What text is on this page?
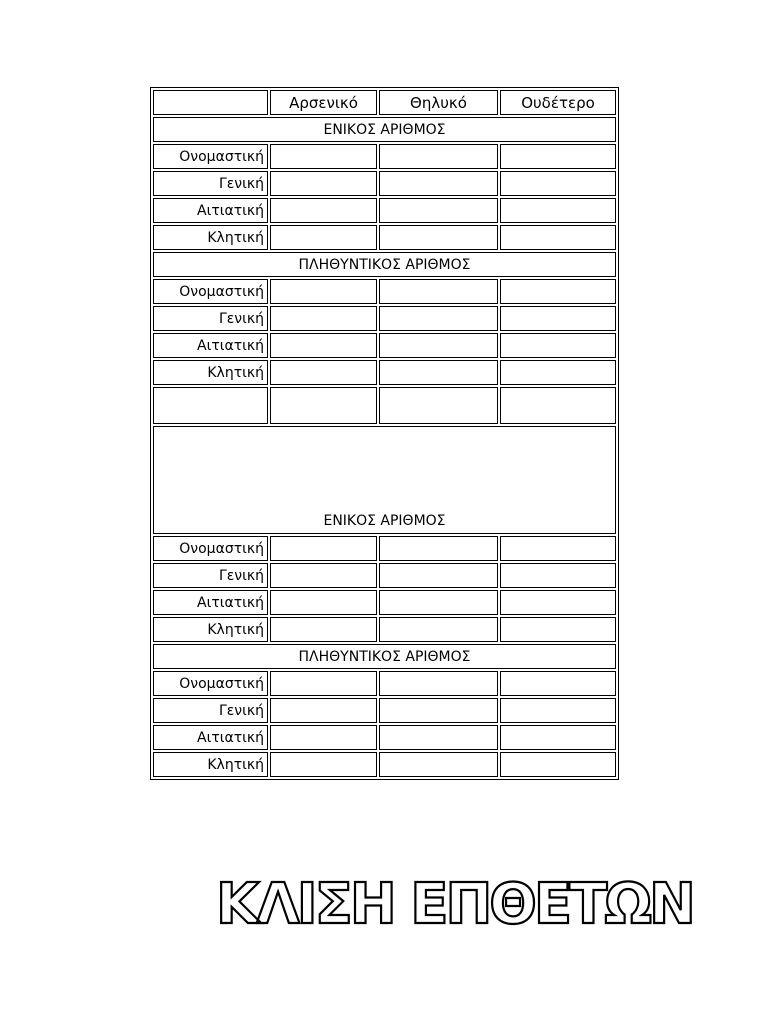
	Αρσενικό	Θηλυκό	Ουδέτερο
ΕΝΙΚΟΣ ΑΡΙΘΜΟΣ			
Ονομαστική			
Γενική			
Αιτιατική			
Κλητική			
ΠΛΗΘΥΝΤΙΚΟΣ ΑΡΙΘΜΟΣ			
Ονομαστική			
Γενική			
Αιτιατική			
Κλητική			

ΕΝΙΚΟΣ ΑΡΙΘΜΟΣ			
Ονομαστική			
Γενική			
Αιτιατική			
Κλητική			
ΠΛΗΘΥΝΤΙΚΟΣ ΑΡΙΘΜΟΣ			
Ονομαστική			
Γενική			
Αιτιατική			
Κλητική			
ΚΛΙΣΗ ΕΠΘΕΤΩΝ
